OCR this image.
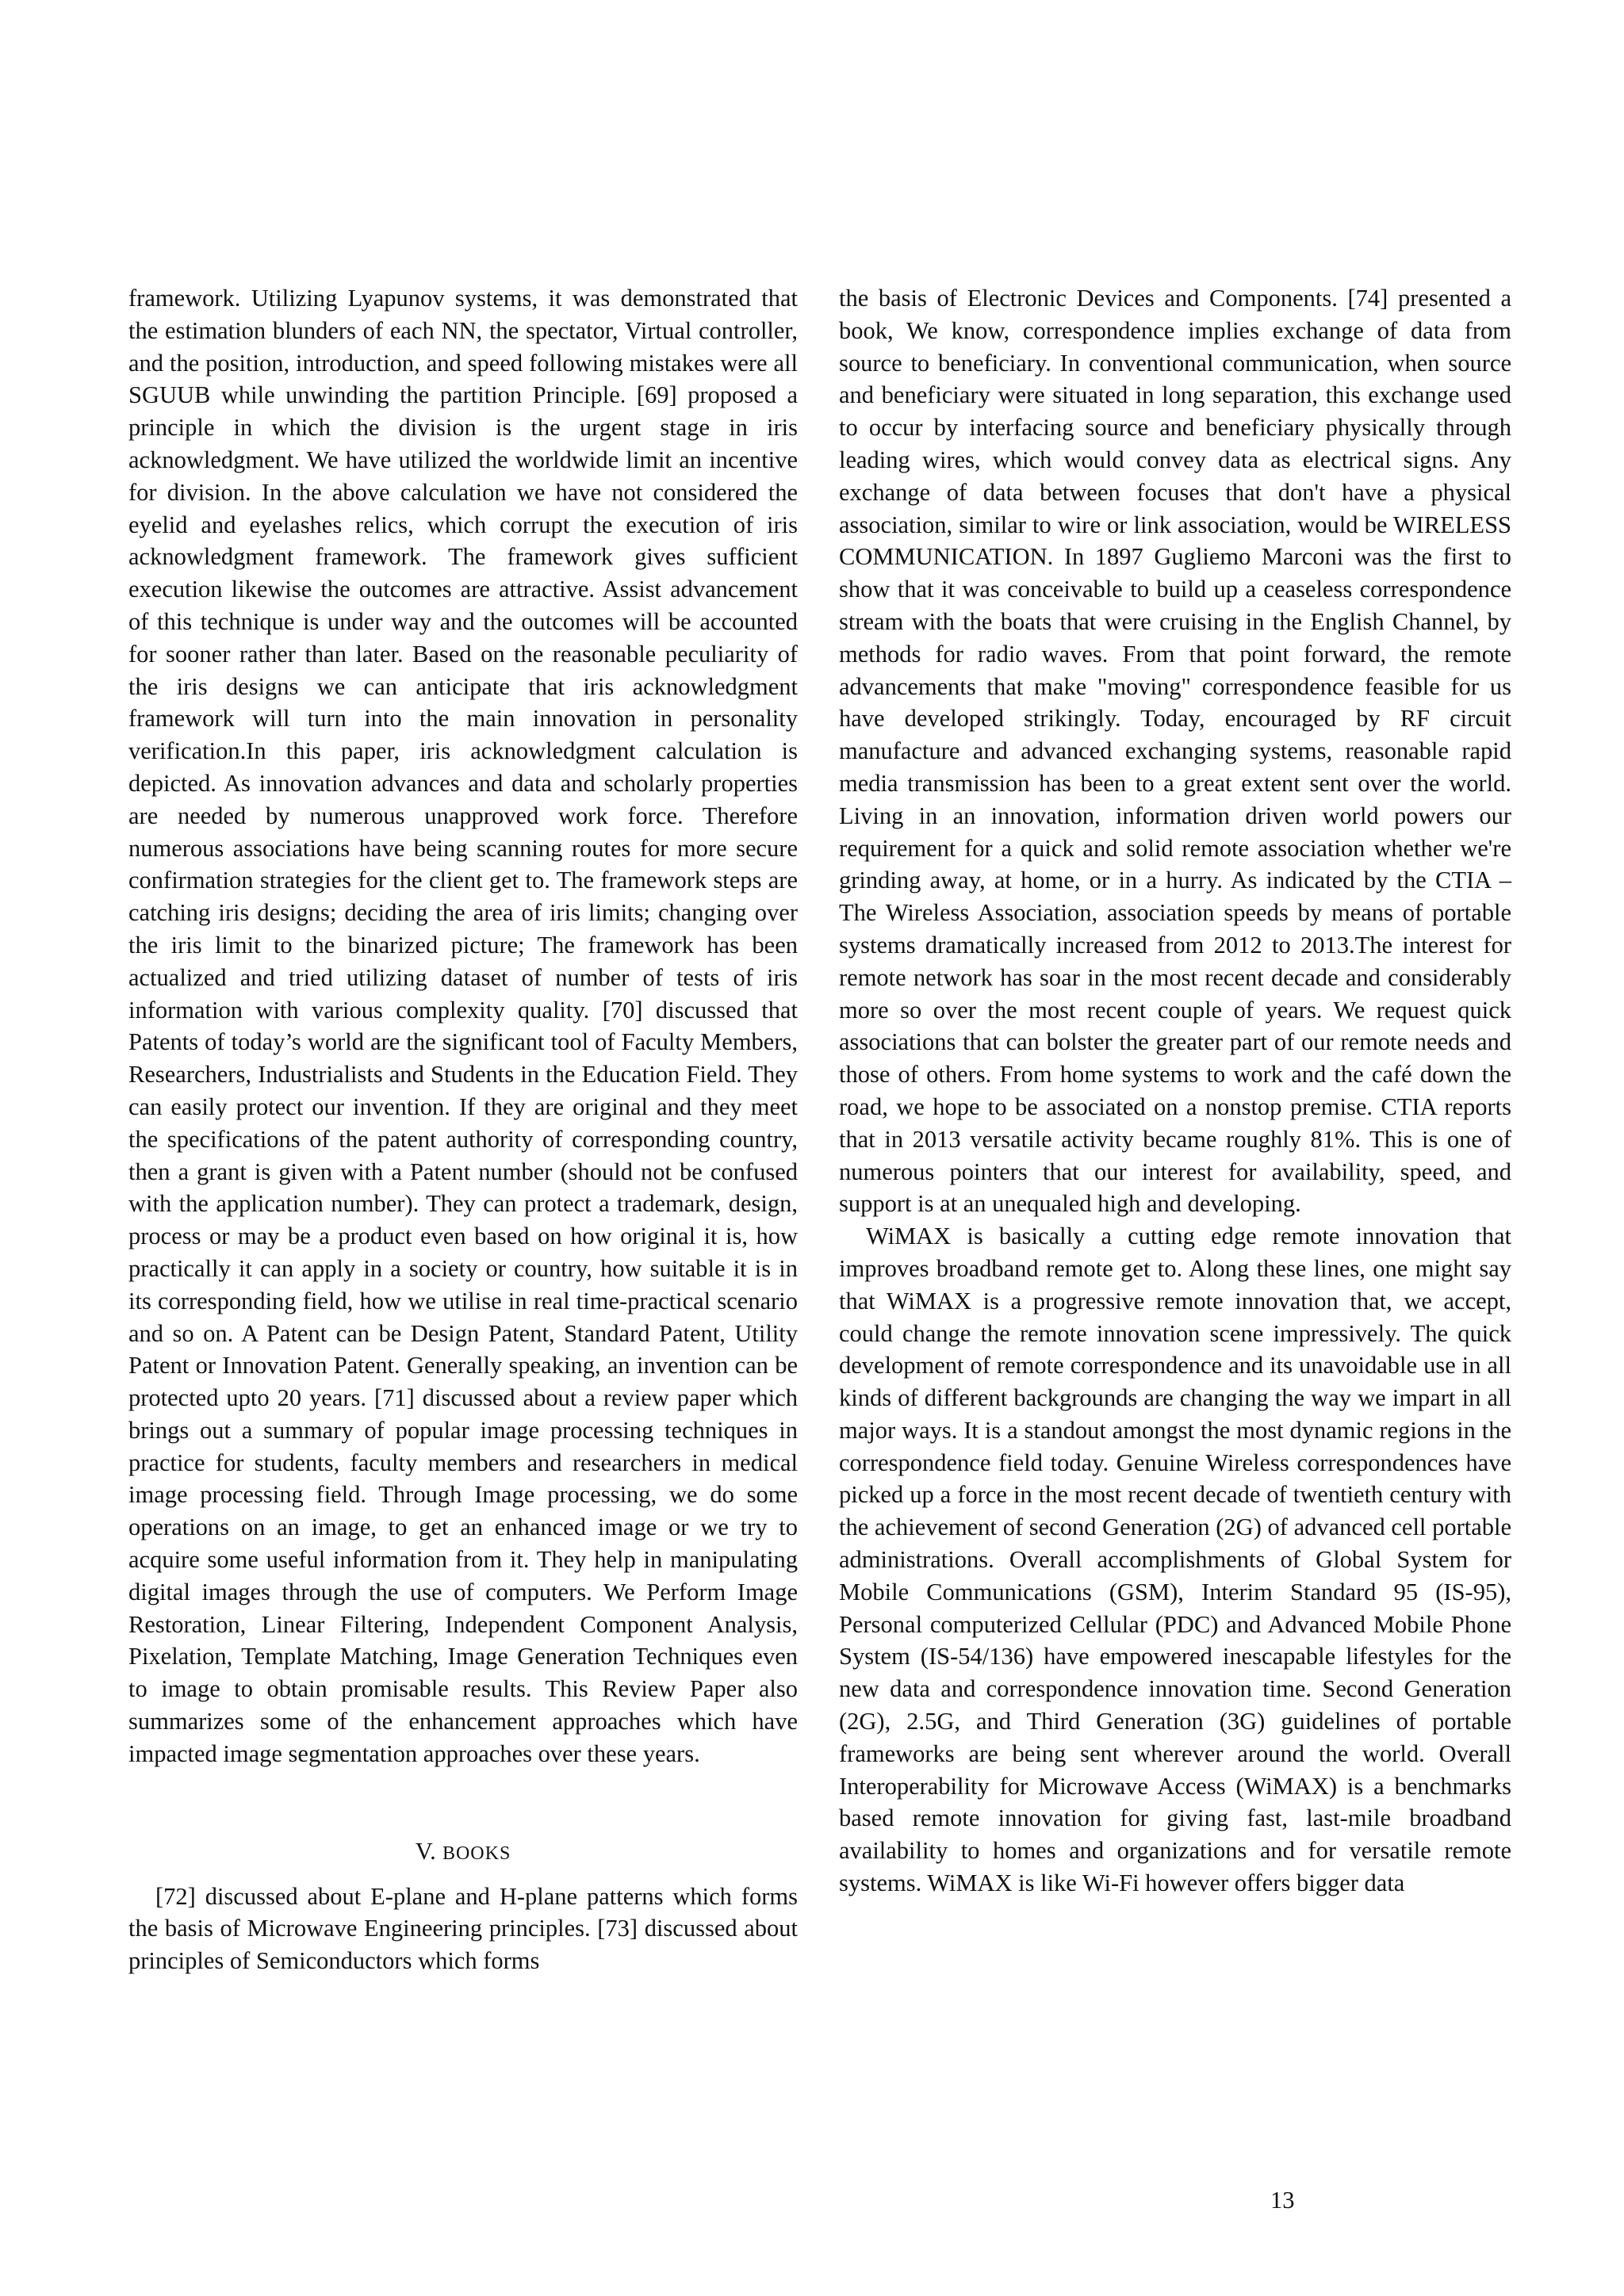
framework. Utilizing Lyapunov systems, it was demonstrated that the estimation blunders of each NN, the spectator, Virtual controller, and the position, introduction, and speed following mistakes were all SGUUB while unwinding the partition Principle. [69] proposed a principle in which the division is the urgent stage in iris acknowledgment. We have utilized the worldwide limit an incentive for division. In the above calculation we have not considered the eyelid and eyelashes relics, which corrupt the execution of iris acknowledgment framework. The framework gives sufficient execution likewise the outcomes are attractive. Assist advancement of this technique is under way and the outcomes will be accounted for sooner rather than later. Based on the reasonable peculiarity of the iris designs we can anticipate that iris acknowledgment framework will turn into the main innovation in personality verification.In this paper, iris acknowledgment calculation is depicted. As innovation advances and data and scholarly properties are needed by numerous unapproved work force. Therefore numerous associations have being scanning routes for more secure confirmation strategies for the client get to. The framework steps are catching iris designs; deciding the area of iris limits; changing over the iris limit to the binarized picture; The framework has been actualized and tried utilizing dataset of number of tests of iris information with various complexity quality. [70] discussed that Patents of today’s world are the significant tool of Faculty Members, Researchers, Industrialists and Students in the Education Field. They can easily protect our invention. If they are original and they meet the specifications of the patent authority of corresponding country, then a grant is given with a Patent number (should not be confused with the application number). They can protect a trademark, design, process or may be a product even based on how original it is, how practically it can apply in a society or country, how suitable it is in its corresponding field, how we utilise in real time-practical scenario and so on. A Patent can be Design Patent, Standard Patent, Utility Patent or Innovation Patent. Generally speaking, an invention can be protected upto 20 years. [71] discussed about a review paper which brings out a summary of popular image processing techniques in practice for students, faculty members and researchers in medical image processing field. Through Image processing, we do some operations on an image, to get an enhanced image or we try to acquire some useful information from it. They help in manipulating digital images through the use of computers. We Perform Image Restoration, Linear Filtering, Independent Component Analysis, Pixelation, Template Matching, Image Generation Techniques even to image to obtain promisable results. This Review Paper also summarizes some of the enhancement approaches which have impacted image segmentation approaches over these years.

V. BOOKS

[72] discussed about E-plane and H-plane patterns which forms the basis of Microwave Engineering principles. [73] discussed about principles of Semiconductors which forms

the basis of Electronic Devices and Components. [74] presented a book, We know, correspondence implies exchange of data from source to beneficiary. In conventional communication, when source and beneficiary were situated in long separation, this exchange used to occur by interfacing source and beneficiary physically through leading wires, which would convey data as electrical signs. Any exchange of data between focuses that don't have a physical association, similar to wire or link association, would be WIRELESS COMMUNICATION. In 1897 Gugliemo Marconi was the first to show that it was conceivable to build up a ceaseless correspondence stream with the boats that were cruising in the English Channel, by methods for radio waves. From that point forward, the remote advancements that make "moving" correspondence feasible for us have developed strikingly. Today, encouraged by RF circuit manufacture and advanced exchanging systems, reasonable rapid media transmission has been to a great extent sent over the world. Living in an innovation, information driven world powers our requirement for a quick and solid remote association whether we're grinding away, at home, or in a hurry. As indicated by the CTIA – The Wireless Association, association speeds by means of portable systems dramatically increased from 2012 to 2013.The interest for remote network has soar in the most recent decade and considerably more so over the most recent couple of years. We request quick associations that can bolster the greater part of our remote needs and those of others. From home systems to work and the café down the road, we hope to be associated on a nonstop premise. CTIA reports that in 2013 versatile activity became roughly 81%. This is one of numerous pointers that our interest for availability, speed, and support is at an unequaled high and developing.

WiMAX is basically a cutting edge remote innovation that improves broadband remote get to. Along these lines, one might say that WiMAX is a progressive remote innovation that, we accept, could change the remote innovation scene impressively. The quick development of remote correspondence and its unavoidable use in all kinds of different backgrounds are changing the way we impart in all major ways. It is a standout amongst the most dynamic regions in the correspondence field today. Genuine Wireless correspondences have picked up a force in the most recent decade of twentieth century with the achievement of second Generation (2G) of advanced cell portable administrations. Overall accomplishments of Global System for Mobile Communications (GSM), Interim Standard 95 (IS-95), Personal computerized Cellular (PDC) and Advanced Mobile Phone System (IS-54/136) have empowered inescapable lifestyles for the new data and correspondence innovation time. Second Generation (2G), 2.5G, and Third Generation (3G) guidelines of portable frameworks are being sent wherever around the world. Overall Interoperability for Microwave Access (WiMAX) is a benchmarks based remote innovation for giving fast, last-mile broadband availability to homes and organizations and for versatile remote systems. WiMAX is like Wi-Fi however offers bigger data

13
